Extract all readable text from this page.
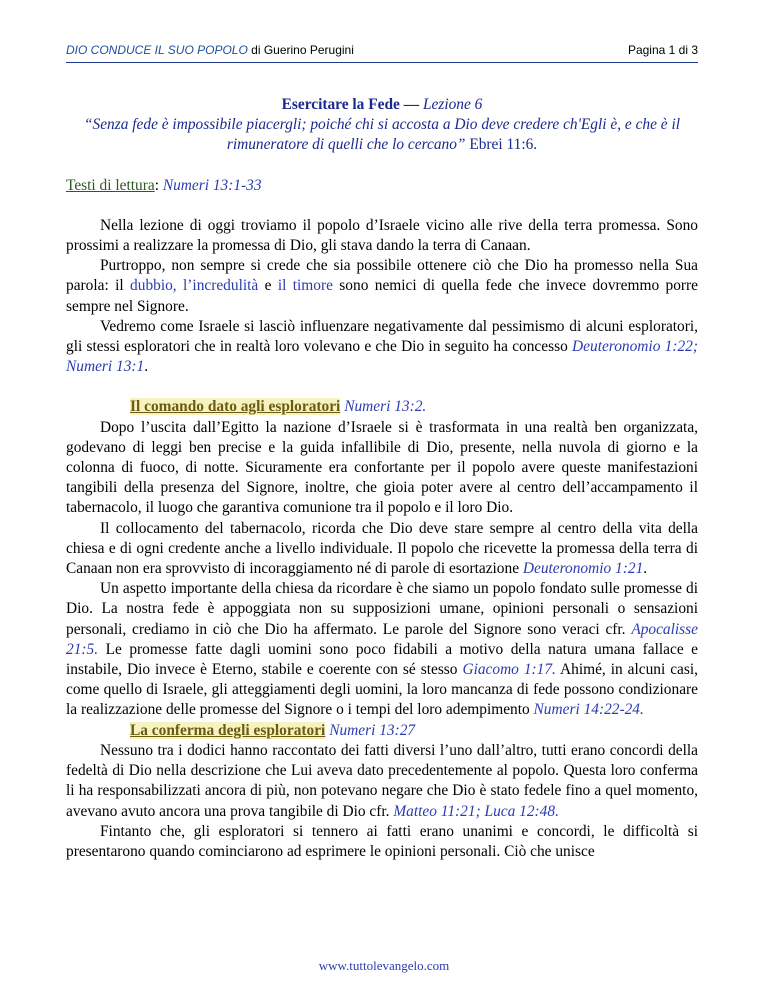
DIO CONDUCE IL SUO POPOLO di Guerino Perugini	Pagina 1 di 3
Esercitare la Fede — Lezione 6
“Senza fede è impossibile piacergli; poiché chi si accosta a Dio deve credere ch'Egli è, e che è il rimuneratore di quelli che lo cercano” Ebrei 11:6.
Testi di lettura: Numeri 13:1-33

Nella lezione di oggi troviamo il popolo d’Israele vicino alle rive della terra promessa. Sono prossimi a realizzare la promessa di Dio, gli stava dando la terra di Canaan.

Purtroppo, non sempre si crede che sia possibile ottenere ciò che Dio ha promesso nella Sua parola: il dubbio, l’incredulità e il timore sono nemici di quella fede che invece dovremmo porre sempre nel Signore.

Vedremo come Israele si lasciò influenzare negativamente dal pessimismo di alcuni esploratori, gli stessi esploratori che in realtà loro volevano e che Dio in seguito ha concesso Deuteronomio 1:22; Numeri 13:1.

Il comando dato agli esploratori Numeri 13:2.

Dopo l’uscita dall’Egitto la nazione d’Israele si è trasformata in una realtà ben organizzata, godevano di leggi ben precise e la guida infallibile di Dio, presente, nella nuvola di giorno e la colonna di fuoco, di notte. Sicuramente era confortante per il popolo avere queste manifestazioni tangibili della presenza del Signore, inoltre, che gioia poter avere al centro dell’accampamento il tabernacolo, il luogo che garantiva comunione tra il popolo e il loro Dio.

Il collocamento del tabernacolo, ricorda che Dio deve stare sempre al centro della vita della chiesa e di ogni credente anche a livello individuale. Il popolo che ricevette la promessa della terra di Canaan non era sprovvisto di incoraggiamento né di parole di esortazione Deuteronomio 1:21.

Un aspetto importante della chiesa da ricordare è che siamo un popolo fondato sulle promesse di Dio. La nostra fede è appoggiata non su supposizioni umane, opinioni personali o sensazioni personali, crediamo in ciò che Dio ha affermato. Le parole del Signore sono veraci cfr. Apocalisse 21:5. Le promesse fatte dagli uomini sono poco fidabili a motivo della natura umana fallace e instabile, Dio invece è Eterno, stabile e coerente con sé stesso Giacomo 1:17. Ahimé, in alcuni casi, come quello di Israele, gli atteggiamenti degli uomini, la loro mancanza di fede possono condizionare la realizzazione delle promesse del Signore o i tempi del loro adempimento Numeri 14:22-24.

La conferma degli esploratori Numeri 13:27

Nessuno tra i dodici hanno raccontato dei fatti diversi l’uno dall’altro, tutti erano concordi della fedeltà di Dio nella descrizione che Lui aveva dato precedentemente al popolo. Questa loro conferma li ha responsabilizzati ancora di più, non potevano negare che Dio è stato fedele fino a quel momento, avevano avuto ancora una prova tangibile di Dio cfr. Matteo 11:21; Luca 12:48.

Fintanto che, gli esploratori si tennero ai fatti erano unanimi e concordi, le difficoltà si presentarono quando cominciarono ad esprimere le opinioni personali. Ciò che unisce

www.tuttolevangelo.com
